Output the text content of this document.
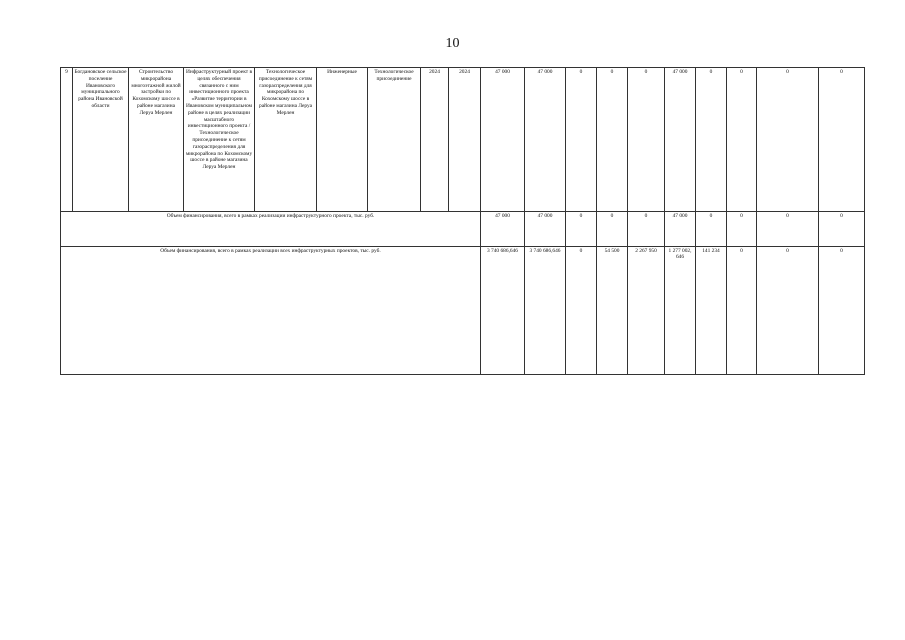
10
9	Богдановское сельское поселение Ивановского муниципального района Ивановской области	Строительство микрорайона многоэтажной жилой застройки по Кохомскому шоссе в районе магазина Леруа Мерлен	Инфраструктурный проект в целях обеспечения связанного с ним инвестиционного проекта «Развитие территории в Ивановском муниципальном районе в целях реализации масштабного инвестиционного проекта / Технологическое присоединение к сетям газораспределения для микрорайона по Кохомскому шоссе в районе магазина Леруа Мерлен	Технологическое присоединение к сетям газораспределения для микрорайона по Кохомскому шоссе в районе магазина Леруа Мерлен	Инженерные	Технологическое присоединение	2024	2024	47 000	47 000	0	0	0	47 000	0	0	0	0
Объем финансирования, всего в рамках реализации инфраструктурного проекта, тыс. руб.									47 000	47 000	0	0	0	47 000	0	0	0	0
Объем финансирования, всего в рамках реализации всех инфраструктурных проектов, тыс. руб.									3 740 686,646	3 740 686,646	0	54 500	2 267 950	1 277 002, 646	141 234	0	0	0
